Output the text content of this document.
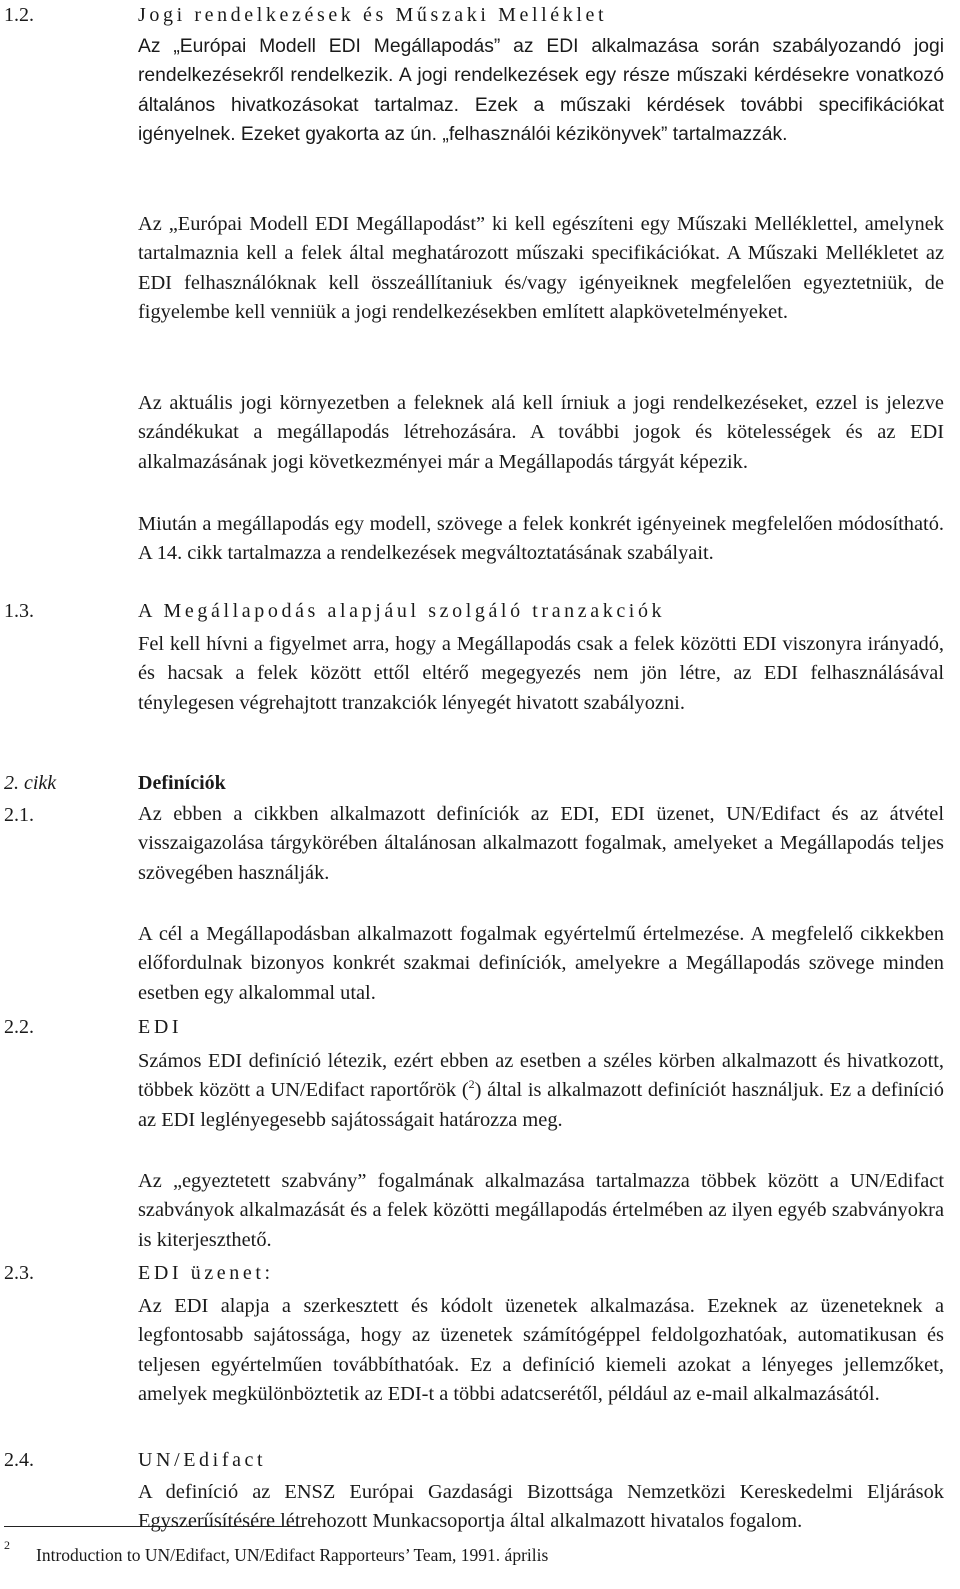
1.2.	Jogi rendelkezések és Műszaki Melléklet
Az „Európai Modell EDI Megállapodás” az EDI alkalmazása során szabályozandó jogi rendelkezésekről rendelkezik. A jogi rendelkezések egy része műszaki kérdésekre vonatkozó általános hivatkozásokat tartalmaz. Ezek a műszaki kérdések további specifikációkat igényelnek. Ezeket gyakorta az ún. „felhasználói kézikönyvek” tartalmazzák.
Az „Európai Modell EDI Megállapodást” ki kell egészíteni egy Műszaki Melléklettel, amelynek tartalmaznia kell a felek által meghatározott műszaki specifikációkat. A Műszaki Mellékletet az EDI felhasználóknak kell összeállítaniuk és/vagy igényeiknek megfelelően egyeztetniük, de figyelembe kell venniük a jogi rendelkezésekben említett alapkövetelményeket.
Az aktuális jogi környezetben a feleknek alá kell írniuk a jogi rendelkezéseket, ezzel is jelezve szándékukat a megállapodás létrehozására. A további jogok és kötelességek és az EDI alkalmazásának jogi következményei már a Megállapodás tárgyát képezik.
Miután a megállapodás egy modell, szövege a felek konkrét igényeinek megfelelően módosítható. A 14. cikk tartalmazza a rendelkezések megváltoztatásának szabályait.
1.3.	A Megállapodás alapjául szolgáló tranzakciók
Fel kell hívni a figyelmet arra, hogy a Megállapodás csak a felek közötti EDI viszonyra irányadó, és hacsak a felek között ettől eltérő megegyezés nem jön létre, az EDI felhasználásával ténylegesen végrehajtott tranzakciók lényegét hivatott szabályozni.
2. cikk	Definíciók
2.1.	Az ebben a cikkben alkalmazott definíciók az EDI, EDI üzenet, UN/Edifact és az átvétel visszaigazolása tárgykörében általánosan alkalmazott fogalmak, amelyeket a Megállapodás teljes szövegében használják.
A cél a Megállapodásban alkalmazott fogalmak egyértelmű értelmezése. A megfelelő cikkekben előfordulnak bizonyos konkrét szakmai definíciók, amelyekre a Megállapodás szövege minden esetben egy alkalommal utal.
2.2.	EDI
Számos EDI definíció létezik, ezért ebben az esetben a széles körben alkalmazott és hivatkozott, többek között a UN/Edifact raportőrök ($^2$) által is alkalmazott definíciót használjuk. Ez a definíció az EDI leglényegesebb sajátosságait határozza meg.
Az „egyeztetett szabvány” fogalmának alkalmazása tartalmazza többek között a UN/Edifact szabványok alkalmazását és a felek közötti megállapodás értelmében az ilyen egyéb szabványokra is kiterjeszthető.
2.3.	EDI üzenet:
Az EDI alapja a szerkesztett és kódolt üzenetek alkalmazása. Ezeknek az üzeneteknek a legfontosabb sajátossága, hogy az üzenetek számítógéppel feldolgozhatóak, automatikusan és teljesen egyértelműen továbbíthatóak. Ez a definíció kiemeli azokat a lényeges jellemzőket, amelyek megkülönböztetik az EDI-t a többi adatcserétől, például az e-mail alkalmazásától.
2.4.	UN/Edifact
A definíció az ENSZ Európai Gazdasági Bizottsága Nemzetközi Kereskedelmi Eljárások Egyszerűsítésére létrehozott Munkacsoportja által alkalmazott hivatalos fogalom.
2 Introduction to UN/Edifact, UN/Edifact Rapporteurs’ Team, 1991. április
